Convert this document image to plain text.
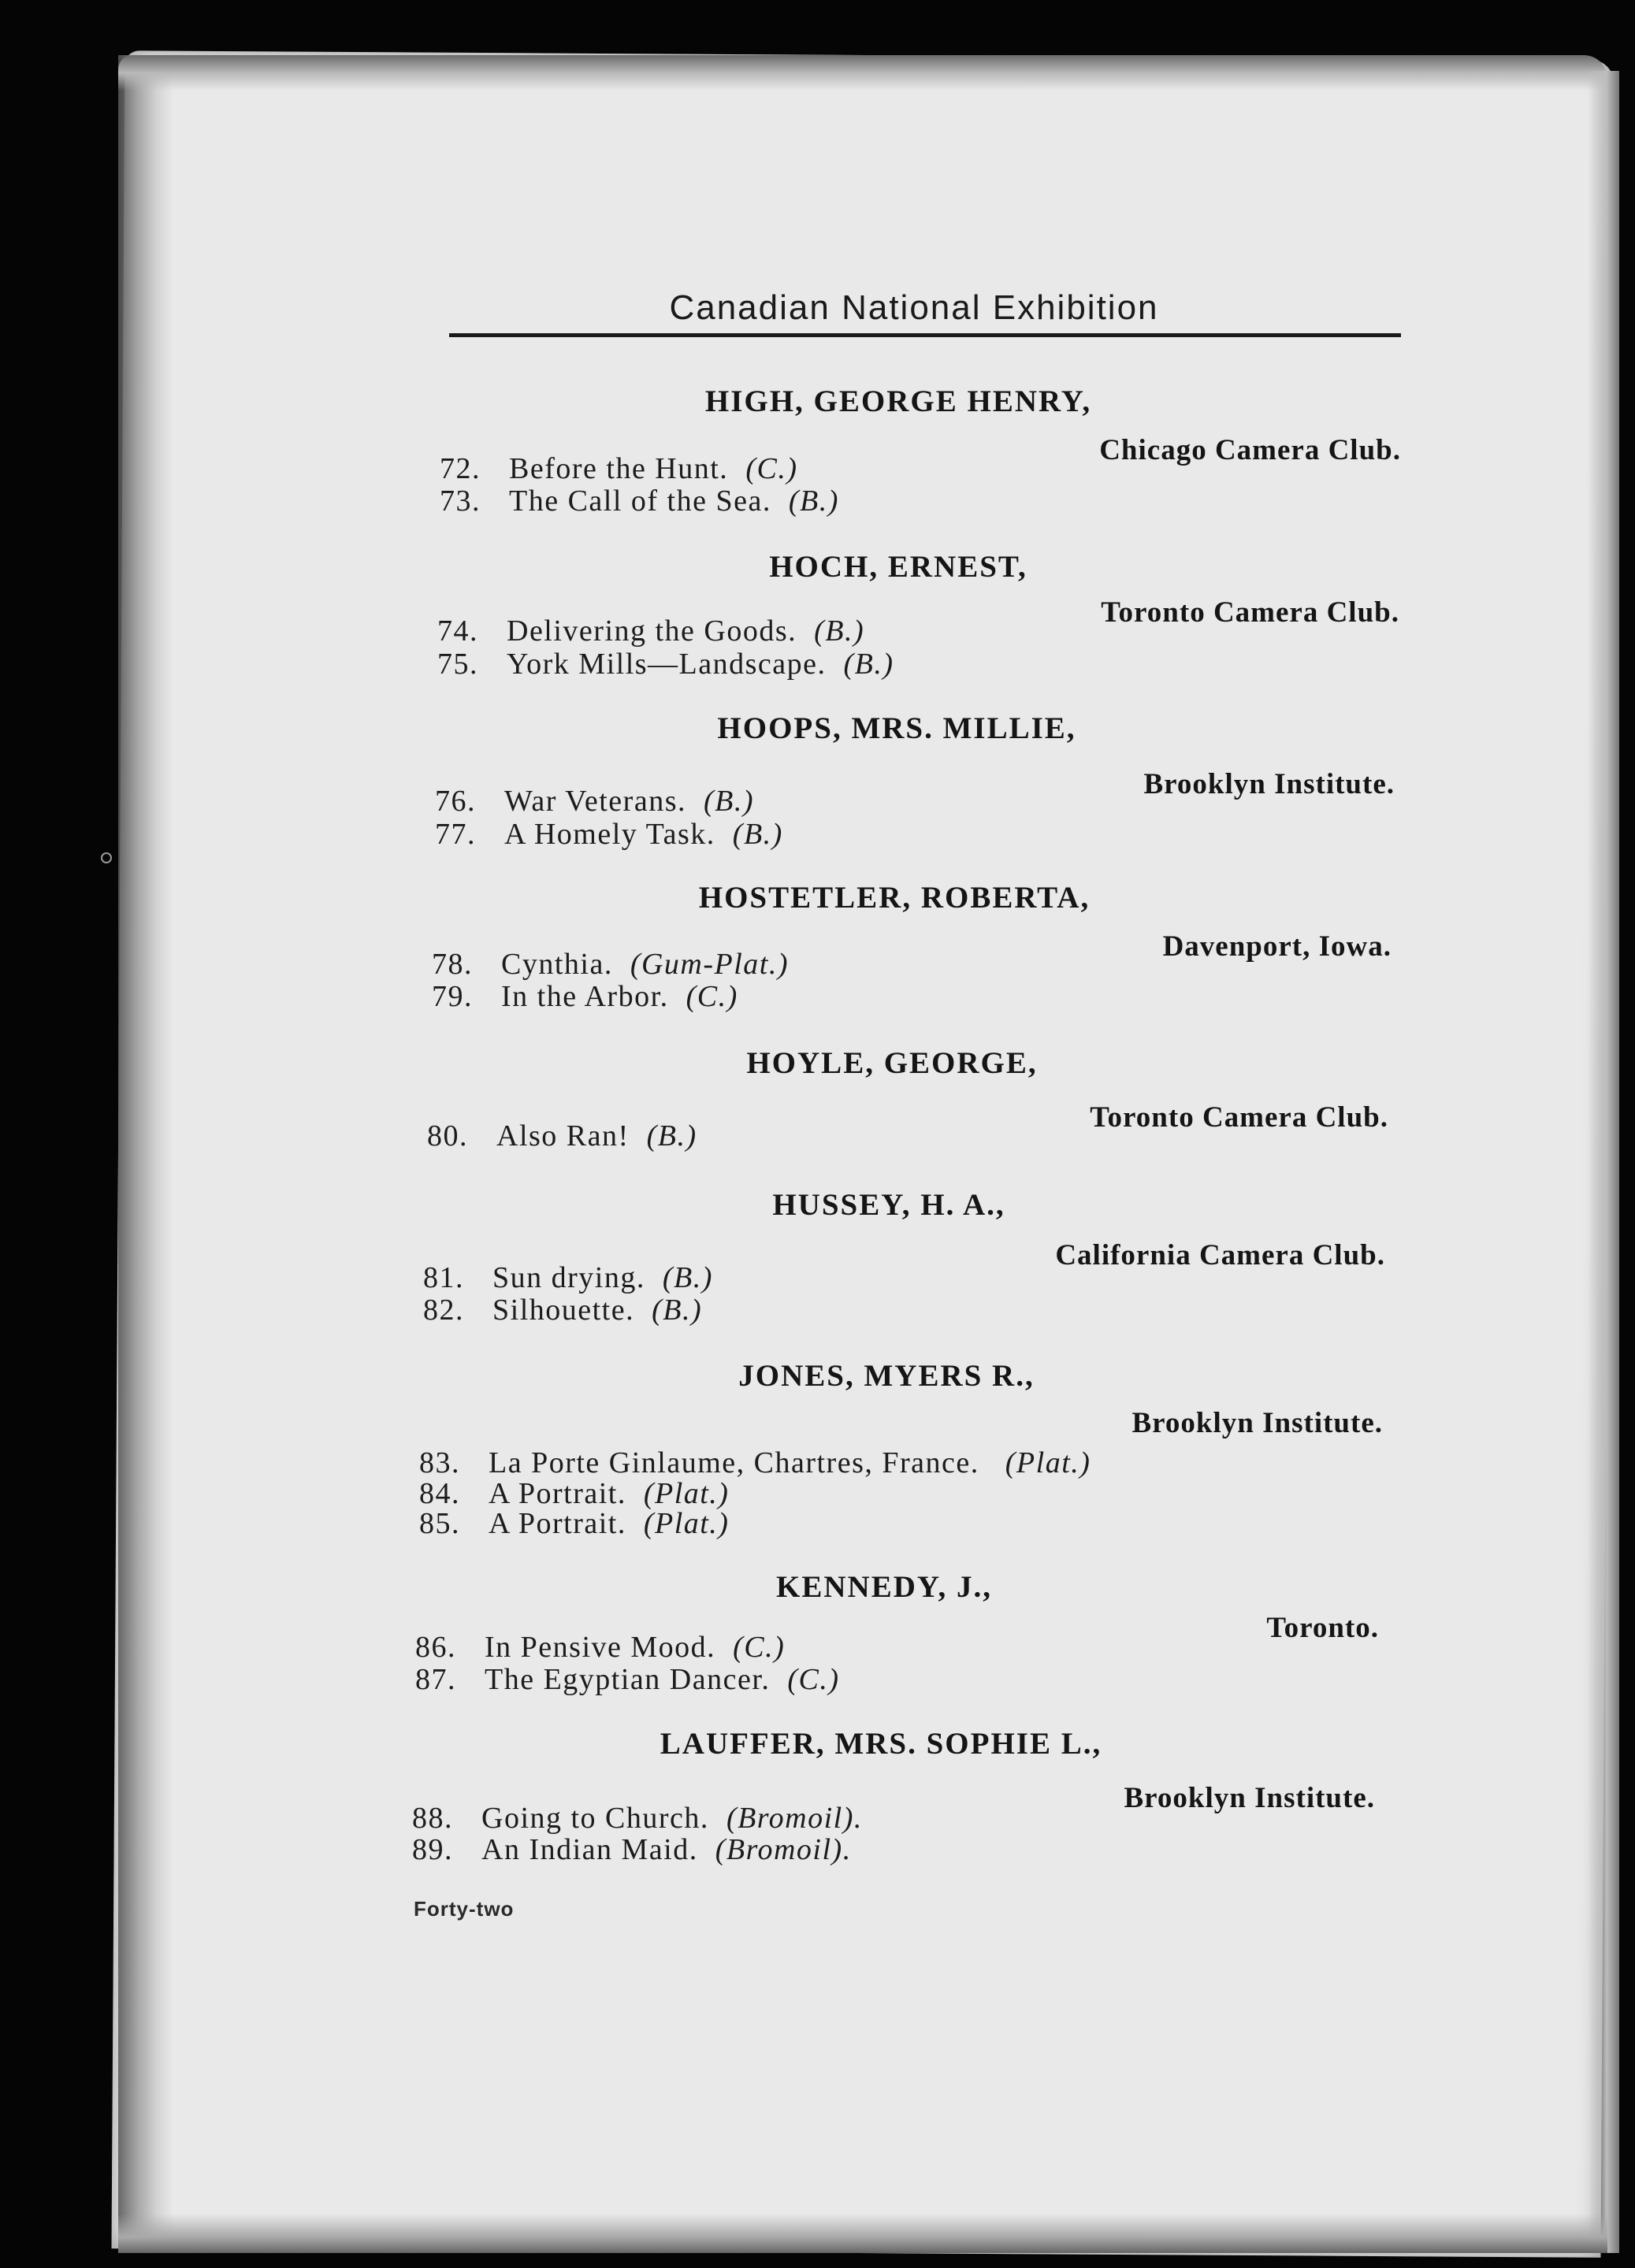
Canadian National Exhibition
HIGH, GEORGE HENRY,
Chicago Camera Club.
72. Before the Hunt. (C.)
73. The Call of the Sea. (B.)
HOCH, ERNEST,
Toronto Camera Club.
74. Delivering the Goods. (B.)
75. York Mills—Landscape. (B.)
HOOPS, MRS. MILLIE,
Brooklyn Institute.
76. War Veterans. (B.)
77. A Homely Task. (B.)
HOSTETLER, ROBERTA,
Davenport, Iowa.
78. Cynthia. (Gum-Plat.)
79. In the Arbor. (C.)
HOYLE, GEORGE,
Toronto Camera Club.
80. Also Ran! (B.)
HUSSEY, H. A.,
California Camera Club.
81. Sun drying. (B.)
82. Silhouette. (B.)
JONES, MYERS R.,
Brooklyn Institute.
83. La Porte Ginlaume, Chartres, France. (Plat.)
84. A Portrait. (Plat.)
85. A Portrait. (Plat.)
KENNEDY, J.,
Toronto.
86. In Pensive Mood. (C.)
87. The Egyptian Dancer. (C.)
LAUFFER, MRS. SOPHIE L.,
Brooklyn Institute.
88. Going to Church. (Bromoil).
89. An Indian Maid. (Bromoil).
Forty-two
